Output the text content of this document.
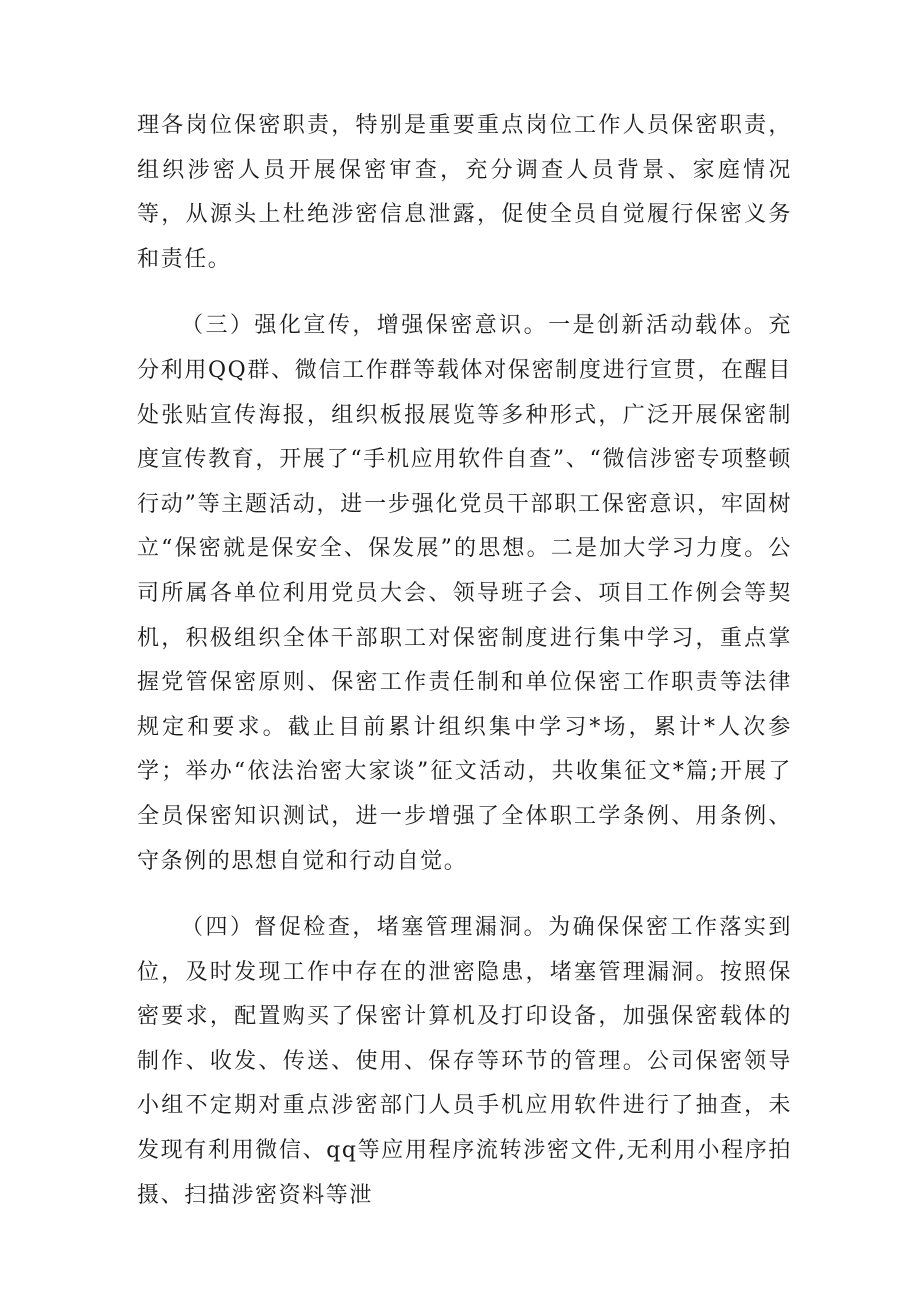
理各岗位保密职责，特别是重要重点岗位工作人员保密职责，组织涉密人员开展保密审查，充分调查人员背景、家庭情况等，从源头上杜绝涉密信息泄露，促使全员自觉履行保密义务和责任。

（三）强化宣传，增强保密意识。一是创新活动载体。充分利用QQ群、微信工作群等载体对保密制度进行宣贯，在醒目处张贴宣传海报，组织板报展览等多种形式，广泛开展保密制度宣传教育，开展了“手机应用软件自查”、“微信涉密专项整顿行动”等主题活动，进一步强化党员干部职工保密意识，牢固树立“保密就是保安全、保发展”的思想。二是加大学习力度。公司所属各单位利用党员大会、领导班子会、项目工作例会等契机，积极组织全体干部职工对保密制度进行集中学习，重点掌握党管保密原则、保密工作责任制和单位保密工作职责等法律规定和要求。截止目前累计组织集中学习*场，累计*人次参学；举办“依法治密大家谈”征文活动，共收集征文*篇;开展了全员保密知识测试，进一步增强了全体职工学条例、用条例、守条例的思想自觉和行动自觉。

（四）督促检查，堵塞管理漏洞。为确保保密工作落实到位，及时发现工作中存在的泄密隐患，堵塞管理漏洞。按照保密要求，配置购买了保密计算机及打印设备，加强保密载体的制作、收发、传送、使用、保存等环节的管理。公司保密领导小组不定期对重点涉密部门人员手机应用软件进行了抽查，未发现有利用微信、qq等应用程序流转涉密文件,无利用小程序拍摄、扫描涉密资料等泄
